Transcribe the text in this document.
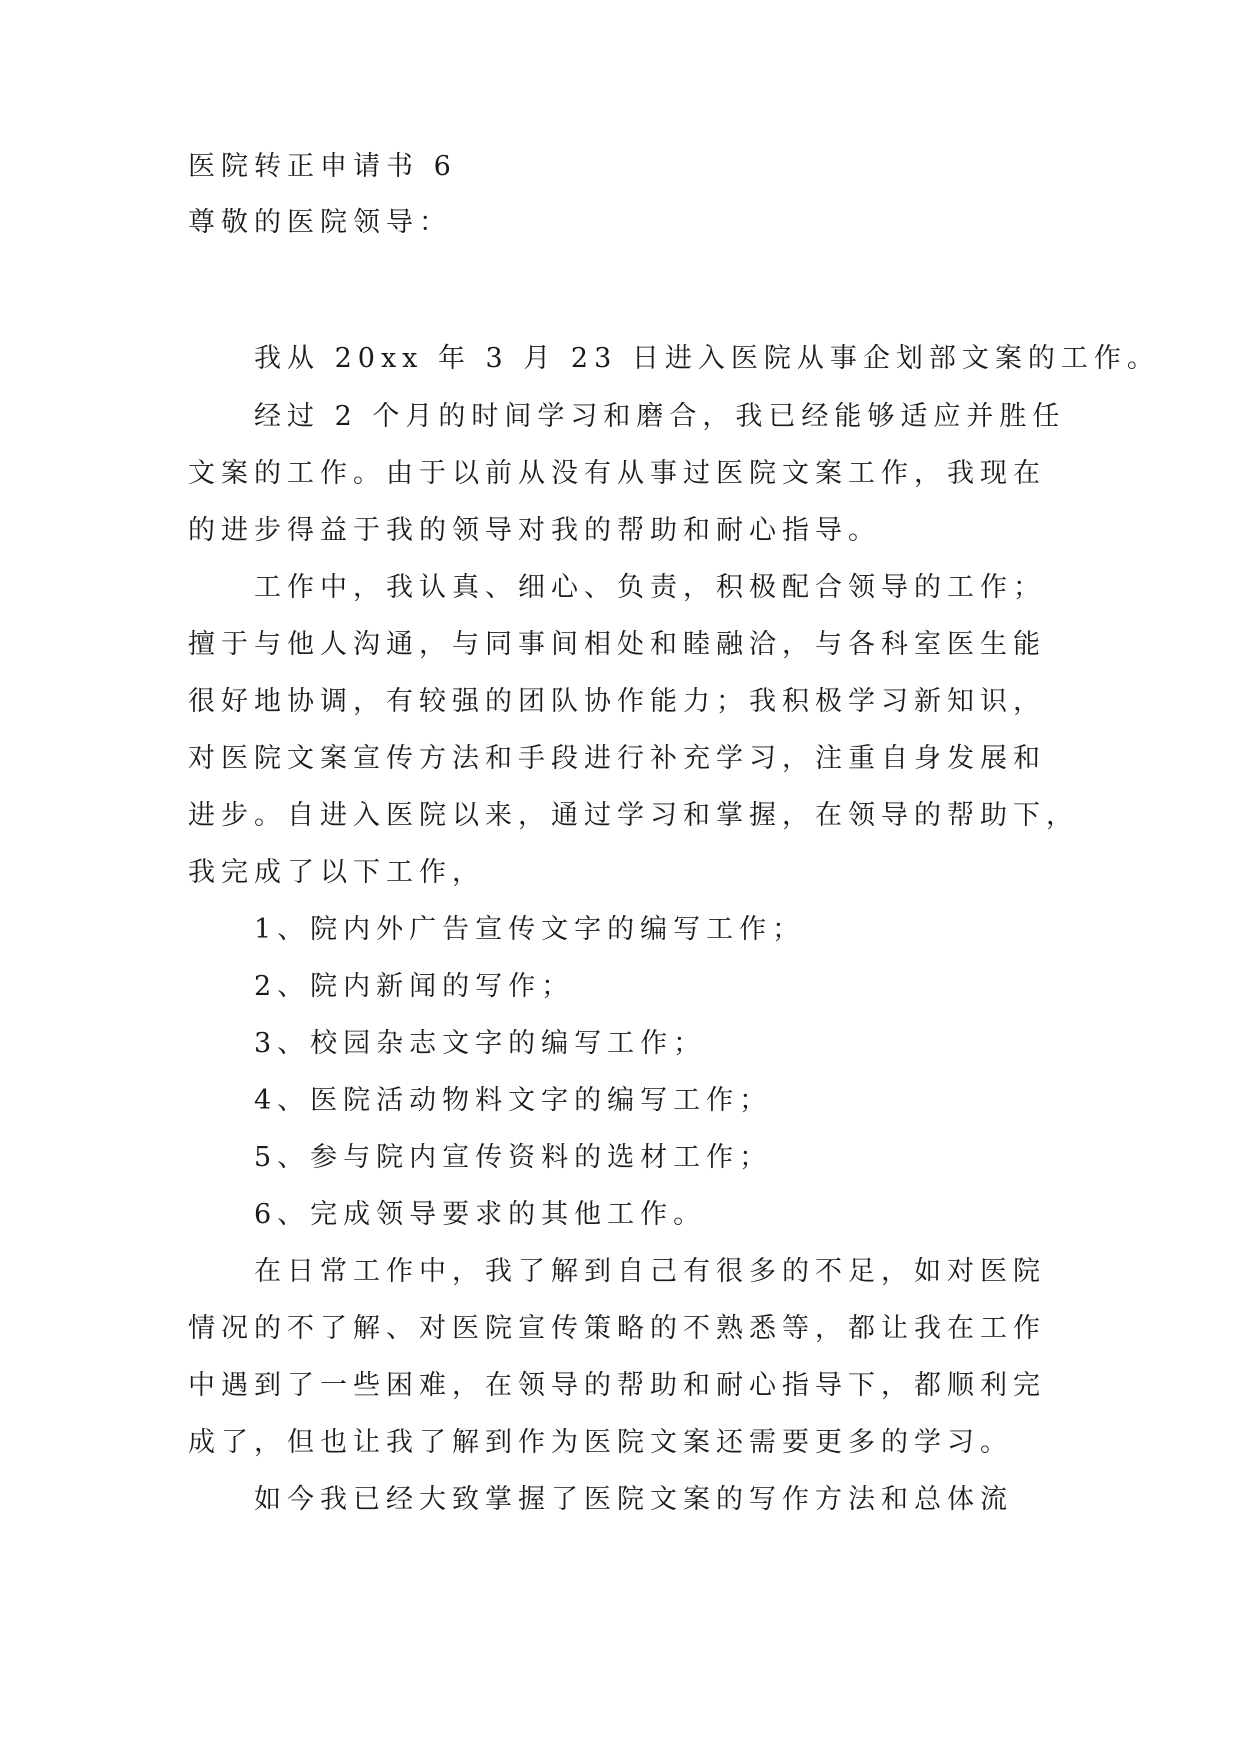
医院转正申请书 6
尊敬的医院领导：
我从 20xx 年 3 月 23 日进入医院从事企划部文案的工作。
经过 2 个月的时间学习和磨合，我已经能够适应并胜任
文案的工作。由于以前从没有从事过医院文案工作，我现在
的进步得益于我的领导对我的帮助和耐心指导。
工作中，我认真、细心、负责，积极配合领导的工作；
擅于与他人沟通，与同事间相处和睦融洽，与各科室医生能
很好地协调，有较强的团队协作能力；我积极学习新知识，
对医院文案宣传方法和手段进行补充学习，注重自身发展和
进步。自进入医院以来，通过学习和掌握，在领导的帮助下，
我完成了以下工作，
1、院内外广告宣传文字的编写工作；
2、院内新闻的写作；
3、校园杂志文字的编写工作；
4、医院活动物料文字的编写工作；
5、参与院内宣传资料的选材工作；
6、完成领导要求的其他工作。
在日常工作中，我了解到自己有很多的不足，如对医院
情况的不了解、对医院宣传策略的不熟悉等，都让我在工作
中遇到了一些困难，在领导的帮助和耐心指导下，都顺利完
成了，但也让我了解到作为医院文案还需要更多的学习。
如今我已经大致掌握了医院文案的写作方法和总体流
